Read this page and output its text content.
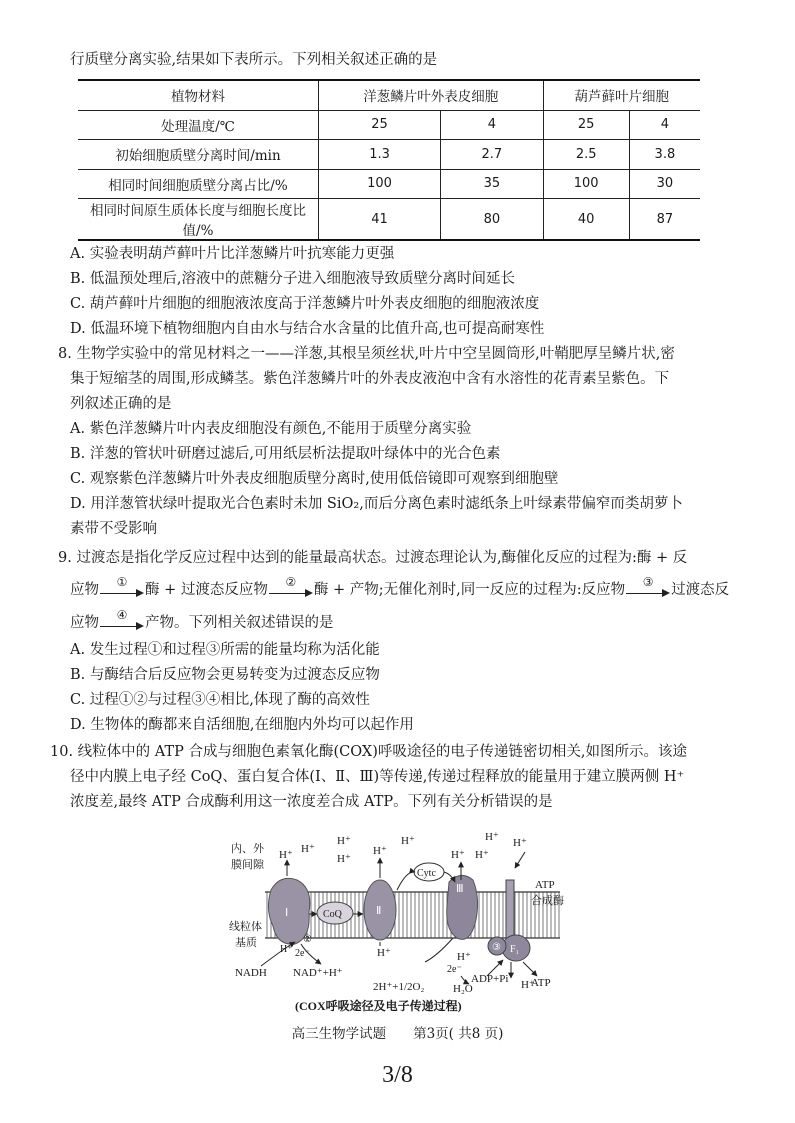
行质壁分离实验,结果如下表所示。下列相关叙述正确的是
植物材料	洋葱鳞片叶外表皮细胞		葫芦藓叶片细胞	
处理温度/℃	25	4	25	4
初始细胞质壁分离时间/min	1.3	2.7	2.5	3.8
相同时间细胞质壁分离占比/%	100	35	100	30
相同时间原生质体长度与细胞长度比值/%	41	80	40	87
A. 实验表明葫芦藓叶片比洋葱鳞片叶抗寒能力更强
B. 低温预处理后,溶液中的蔗糖分子进入细胞液导致质壁分离时间延长
C. 葫芦藓叶片细胞的细胞液浓度高于洋葱鳞片叶外表皮细胞的细胞液浓度
D. 低温环境下植物细胞内自由水与结合水含量的比值升高,也可提高耐寒性
8. 生物学实验中的常见材料之一——洋葱,其根呈须丝状,叶片中空呈圆筒形,叶鞘肥厚呈鳞片状,密
集于短缩茎的周围,形成鳞茎。紫色洋葱鳞片叶的外表皮液泡中含有水溶性的花青素呈紫色。下
列叙述正确的是
A. 紫色洋葱鳞片叶内表皮细胞没有颜色,不能用于质壁分离实验
B. 洋葱的管状叶研磨过滤后,可用纸层析法提取叶绿体中的光合色素
C. 观察紫色洋葱鳞片叶外表皮细胞质壁分离时,使用低倍镜即可观察到细胞壁
D. 用洋葱管状绿叶提取光合色素时未加 SiO₂,而后分离色素时滤纸条上叶绿素带偏窄而类胡萝卜
素带不受影响
9. 过渡态是指化学反应过程中达到的能量最高状态。过渡态理论认为,酶催化反应的过程为:酶 + 反
应物	①	酶 + 过渡态反应物	②	酶 + 产物;无催化剂时,同一反应的过程为:反应物	③	过渡态反
应物	④	产物。下列相关叙述错误的是
A. 发生过程①和过程③所需的能量均称为活化能
B. 与酶结合后反应物会更易转变为过渡态反应物
C. 过程①②与过程③④相比,体现了酶的高效性
D. 生物体的酶都来自活细胞,在细胞内外均可以起作用
10. 线粒体中的 ATP 合成与细胞色素氧化酶(COX)呼吸途径的电子传递链密切相关,如图所示。该途
径中内膜上电子经 CoQ、蛋白复合体(Ⅰ、Ⅱ、Ⅲ)等传递,传递过程释放的能量用于建立膜两侧 H⁺
浓度差,最终 ATP 合成酶利用这一浓度差合成 ATP。下列有关分析错误的是
内、外
膜间隙
线粒体
基质
ATP
合成酶
Ⅰ	CoQ	Ⅱ
Cytc
Ⅲ
③ F₁
H⁺ H⁺
H⁺
H⁺
H⁺
H⁺
H⁺
H⁺
H⁺
H⁺
H⁺	H⁺
H⁺
H⁺ 2e⁻
②
NADH NAD⁺+H⁺	2e⁻
2H⁺+1/2O₂	H₂O
ADP+Pi ATP
(COX呼吸途径及电子传递过程)
高三生物学试题　　第3页( 共8 页)
3/8
